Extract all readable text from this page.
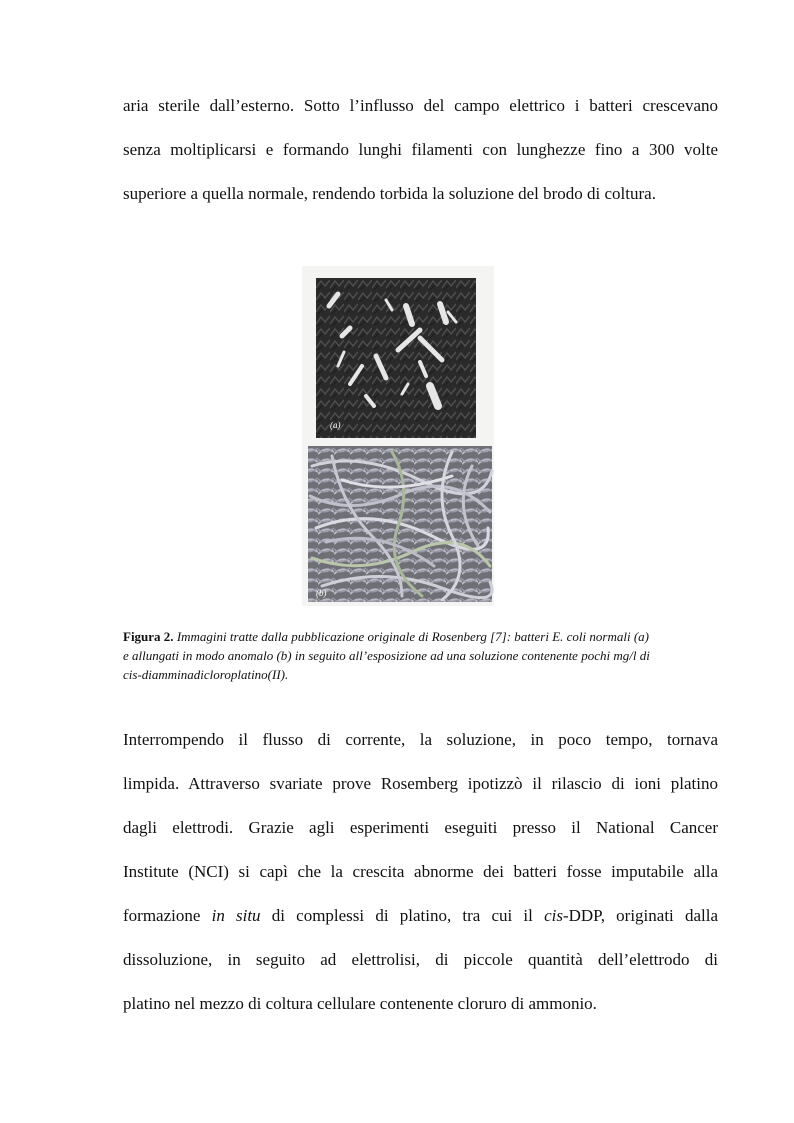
aria sterile dall’esterno. Sotto l’influsso del campo elettrico i batteri crescevano
senza moltiplicarsi e formando lunghi filamenti con lunghezze fino a 300 volte
superiore a quella normale, rendendo torbida la soluzione del brodo di coltura.
(a)
(b)
Figura 2. Immagini tratte dalla pubblicazione originale di Rosenberg [7]: batteri E. coli normali (a)
e allungati in modo anomalo (b) in seguito all’esposizione ad una soluzione contenente pochi mg/l di
cis-diamminadicloroplatino(II).
Interrompendo il flusso di corrente, la soluzione, in poco tempo, tornava
limpida. Attraverso svariate prove Rosemberg ipotizzò il rilascio di ioni platino
dagli elettrodi. Grazie agli esperimenti eseguiti presso il National Cancer
Institute (NCI) si capì che la crescita abnorme dei batteri fosse imputabile alla
formazione in situ di complessi di platino, tra cui il cis-DDP, originati dalla
dissoluzione, in seguito ad elettrolisi, di piccole quantità dell’elettrodo di
platino nel mezzo di coltura cellulare contenente cloruro di ammonio.
